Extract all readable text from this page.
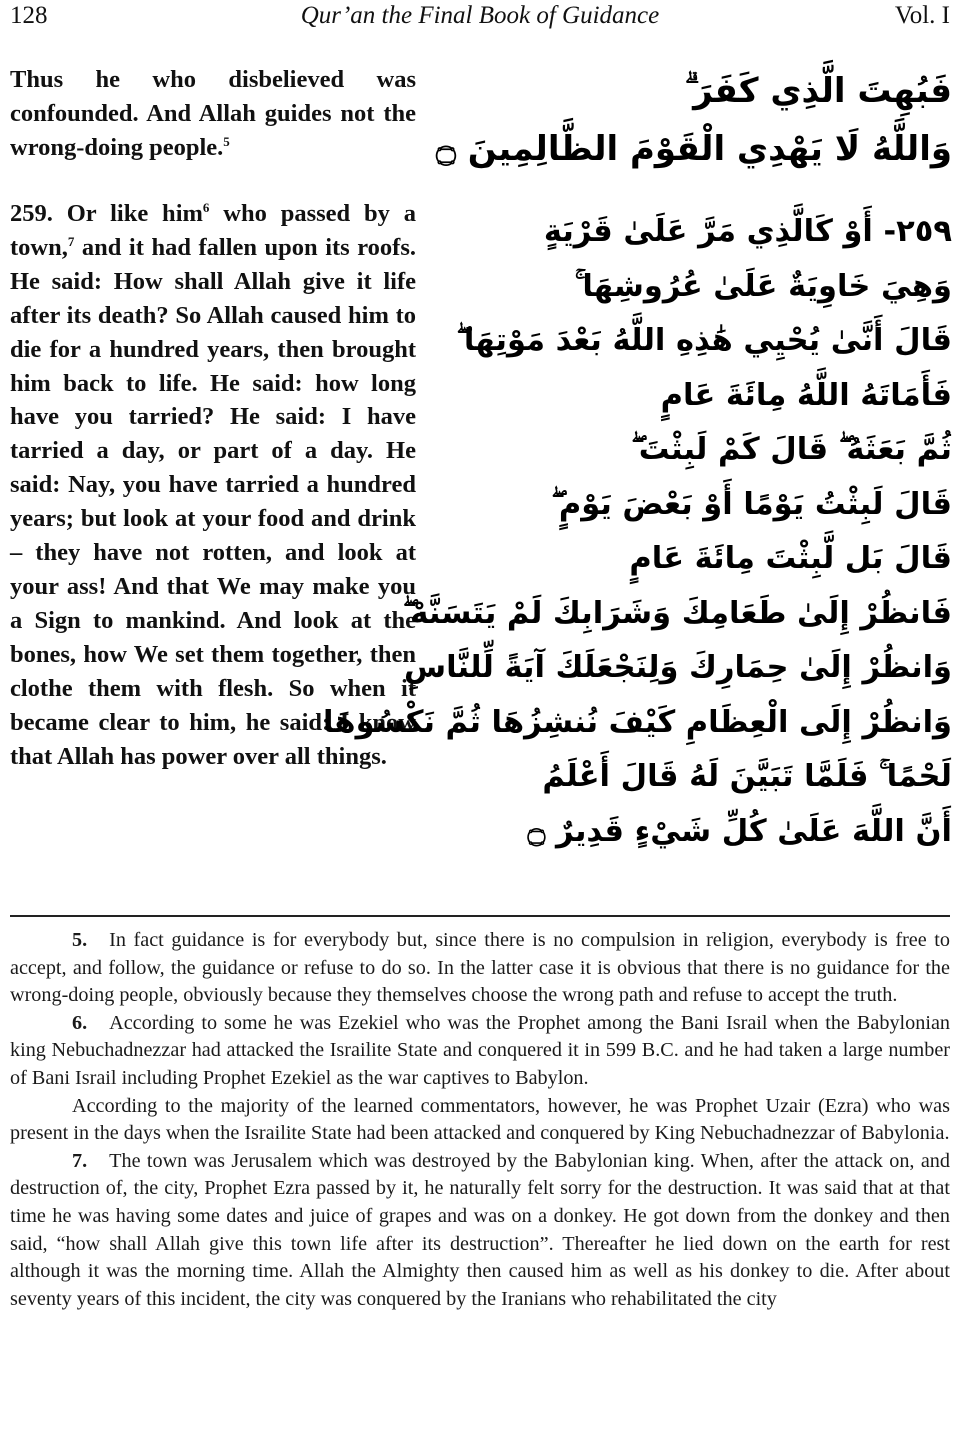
128	Qur’an the Final Book of Guidance	Vol. I
Thus he who disbelieved was confounded. And Allah guides not the wrong-doing people.$^5$
فَبُهِتَ الَّذِي كَفَرَ ۗ
وَاللَّهُ لَا يَهْدِي الْقَوْمَ الظَّالِمِينَ ۝
259. Or like him$^6$ who passed by a town,$^7$ and it had fallen upon its roofs. He said: How shall Allah give it life after its death? So Allah caused him to die for a hundred years, then brought him back to life. He said: how long have you tarried? He said: I have tarried a day, or part of a day. He said: Nay, you have tarried a hundred years; but look at your food and drink – they have not rotten, and look at your ass! And that We may make you a Sign to mankind. And look at the bones, how We set them together, then clothe them with flesh. So when it became clear to him, he said: I know that Allah has power over all things.
٢٥٩- أَوْ كَالَّذِي مَرَّ عَلَىٰ قَرْيَةٍ
وَهِيَ خَاوِيَةٌ عَلَىٰ عُرُوشِهَا ۚ
قَالَ أَنَّىٰ يُحْيِي هَٰذِهِ اللَّهُ بَعْدَ مَوْتِهَا ۖ
فَأَمَاتَهُ اللَّهُ مِائَةَ عَامٍ
ثُمَّ بَعَثَهُ ۖ قَالَ كَمْ لَبِثْتَ ۖ
قَالَ لَبِثْتُ يَوْمًا أَوْ بَعْضَ يَوْمٍ ۖ
قَالَ بَل لَّبِثْتَ مِائَةَ عَامٍ
فَانظُرْ إِلَىٰ طَعَامِكَ وَشَرَابِكَ لَمْ يَتَسَنَّهْ ۖ
وَانظُرْ إِلَىٰ حِمَارِكَ وَلِنَجْعَلَكَ آيَةً لِّلنَّاسِ
وَانظُرْ إِلَى الْعِظَامِ كَيْفَ نُنشِزُهَا ثُمَّ نَكْسُوهَا
لَحْمًا ۚ فَلَمَّا تَبَيَّنَ لَهُ قَالَ أَعْلَمُ
أَنَّ اللَّهَ عَلَىٰ كُلِّ شَيْءٍ قَدِيرٌ ۝

5. In fact guidance is for everybody but, since there is no compulsion in religion, everybody is free to accept, and follow, the guidance or refuse to do so. In the latter case it is obvious that there is no guidance for the wrong-doing people, obviously because they themselves choose the wrong path and refuse to accept the truth.

6. According to some he was Ezekiel who was the Prophet among the Bani Israil when the Babylonian king Nebuchadnezzar had attacked the Israilite State and conquered it in 599 B.C. and he had taken a large number of Bani Israil including Prophet Ezekiel as the war captives to Babylon.

According to the majority of the learned commentators, however, he was Prophet Uzair (Ezra) who was present in the days when the Israilite State had been attacked and conquered by King Nebuchadnezzar of Babylonia.

7. The town was Jerusalem which was destroyed by the Babylonian king. When, after the attack on, and destruction of, the city, Prophet Ezra passed by it, he naturally felt sorry for the destruction. It was said that at that time he was having some dates and juice of grapes and was on a donkey. He got down from the donkey and then said, “how shall Allah give this town life after its destruction”. Thereafter he lied down on the earth for rest although it was the morning time. Allah the Almighty then caused him as well as his donkey to die. After about seventy years of this incident, the city was conquered by the Iranians who rehabilitated the city
